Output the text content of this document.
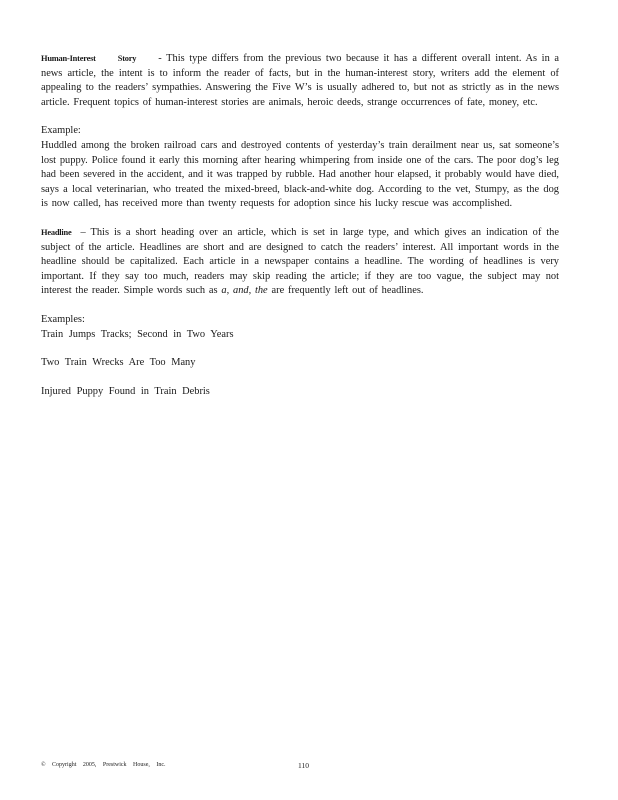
Human-Interest	Story - This type differs from the previous two because it has a different overall intent. As in a news article, the intent is to inform the reader of facts, but in the human-interest story, writers add the element of appealing to the readers’ sympathies. Answering the Five W’s is usually adhered to, but not as strictly as in the news article. Frequent topics of human-interest stories are animals, heroic deeds, strange occurrences of fate, money, etc.
Example:
Huddled among the broken railroad cars and destroyed contents of yesterday’s train derailment near us, sat someone’s lost puppy. Police found it early this morning after hearing whimpering from inside one of the cars. The poor dog’s leg had been severed in the accident, and it was trapped by rubble. Had another hour elapsed, it probably would have died, says a local veterinarian, who treated the mixed-breed, black-and-white dog. According to the vet, Stumpy, as the dog is now called, has received more than twenty requests for adoption since his lucky rescue was accomplished.
Headline – This is a short heading over an article, which is set in large type, and which gives an indication of the subject of the article. Headlines are short and are designed to catch the readers’ interest. All important words in the headline should be capitalized. Each article in a newspaper contains a headline. The wording of headlines is very important. If they say too much, readers may skip reading the article; if they are too vague, the subject may not interest the reader. Simple words such as a, and, the are frequently left out of headlines.
Examples:
Train Jumps Tracks; Second in Two Years
Two Train Wrecks Are Too Many
Injured Puppy Found in Train Debris
© Copyright 2005, Prestwick House, Inc.	110
